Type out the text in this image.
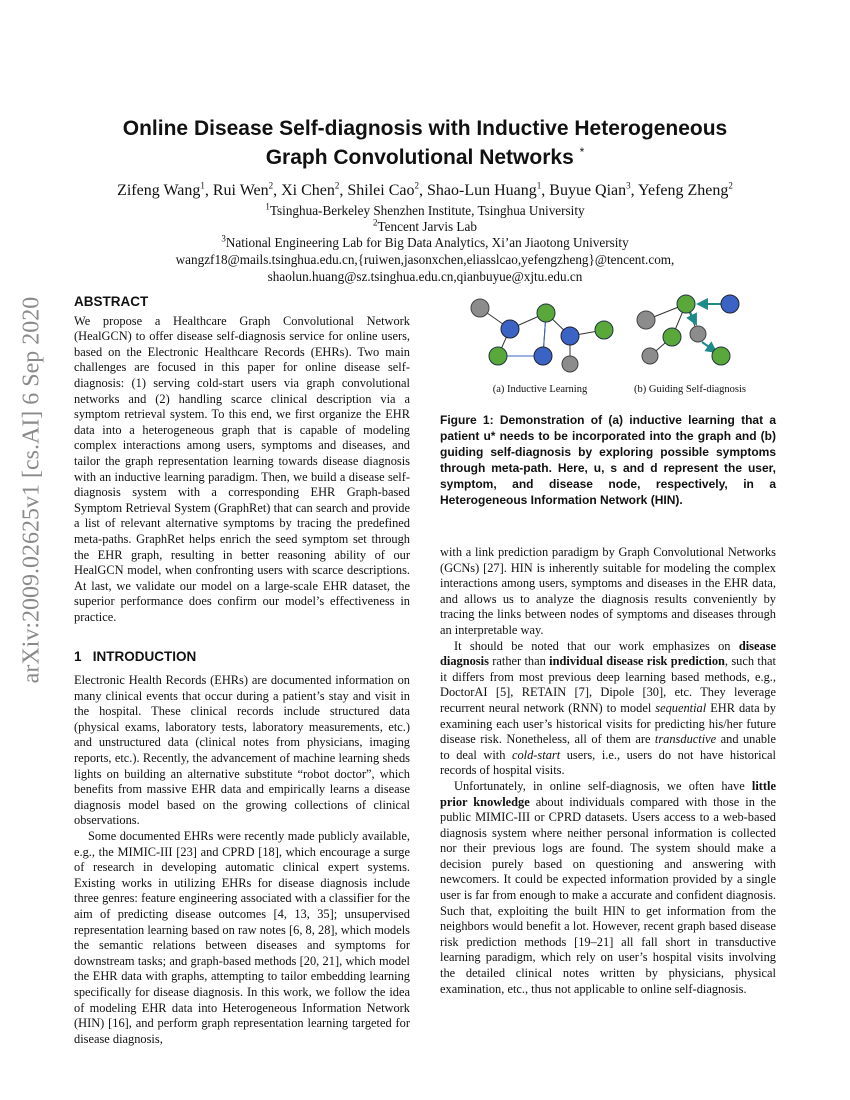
arXiv:2009.02625v1 [cs.AI] 6 Sep 2020
Online Disease Self-diagnosis with Inductive Heterogeneous
Graph Convolutional Networks *
Zifeng Wang$^1$, Rui Wen$^2$, Xi Chen$^2$, Shilei Cao$^2$, Shao-Lun Huang$^1$, Buyue Qian$^3$, Yefeng Zheng$^2$
$^1$Tsinghua-Berkeley Shenzhen Institute, Tsinghua University
$^2$Tencent Jarvis Lab
$^3$National Engineering Lab for Big Data Analytics, Xi’an Jiaotong University
wangzf18@mails.tsinghua.edu.cn,{ruiwen,jasonxchen,eliasslcao,yefengzheng}@tencent.com,
shaolun.huang@sz.tsinghua.edu.cn,qianbuyue@xjtu.edu.cn
ABSTRACT

We propose a Healthcare Graph Convolutional Network (HealGCN) to offer disease self-diagnosis service for online users, based on the Electronic Healthcare Records (EHRs). Two main challenges are focused in this paper for online disease self-diagnosis: (1) serving cold-start users via graph convolutional networks and (2) handling scarce clinical description via a symptom retrieval system. To this end, we first organize the EHR data into a heterogeneous graph that is capable of modeling complex interactions among users, symptoms and diseases, and tailor the graph representation learning towards disease diagnosis with an inductive learning paradigm. Then, we build a disease self-diagnosis system with a corresponding EHR Graph-based Symptom Retrieval System (GraphRet) that can search and provide a list of relevant alternative symptoms by tracing the predefined meta-paths. GraphRet helps enrich the seed symptom set through the EHR graph, resulting in better reasoning ability of our HealGCN model, when confronting users with scarce descriptions. At last, we validate our model on a large-scale EHR dataset, the superior performance does confirm our model’s effectiveness in practice.

1 INTRODUCTION

Electronic Health Records (EHRs) are documented information on many clinical events that occur during a patient’s stay and visit in the hospital. These clinical records include structured data (physical exams, laboratory tests, laboratory measurements, etc.) and unstructured data (clinical notes from physicians, imaging reports, etc.). Recently, the advancement of machine learning sheds lights on building an alternative substitute “robot doctor”, which benefits from massive EHR data and empirically learns a disease diagnosis model based on the growing collections of clinical observations.

Some documented EHRs were recently made publicly available, e.g., the MIMIC-III [23] and CPRD [18], which encourage a surge of research in developing automatic clinical expert systems. Existing works in utilizing EHRs for disease diagnosis include three genres: feature engineering associated with a classifier for the aim of predicting disease outcomes [4, 13, 35]; unsupervised representation learning based on raw notes [6, 8, 28], which models the semantic relations between diseases and symptoms for downstream tasks; and graph-based methods [20, 21], which model the EHR data with graphs, attempting to tailor embedding learning specifically for disease diagnosis. In this work, we follow the idea of modeling EHR data into Heterogeneous Information Network (HIN) [16], and perform graph representation learning targeted for disease diagnosis,

(a) Inductive Learning	(b) Guiding Self-diagnosis
Figure 1: Demonstration of (a) inductive learning that a patient u* needs to be incorporated into the graph and (b) guiding self-diagnosis by exploring possible symptoms through meta-path. Here, u, s and d represent the user, symptom, and disease node, respectively, in a Heterogeneous Information Network (HIN).

with a link prediction paradigm by Graph Convolutional Networks (GCNs) [27]. HIN is inherently suitable for modeling the complex interactions among users, symptoms and diseases in the EHR data, and allows us to analyze the diagnosis results conveniently by tracing the links between nodes of symptoms and diseases through an interpretable way.

It should be noted that our work emphasizes on disease diagnosis rather than individual disease risk prediction, such that it differs from most previous deep learning based methods, e.g., DoctorAI [5], RETAIN [7], Dipole [30], etc. They leverage recurrent neural network (RNN) to model sequential EHR data by examining each user’s historical visits for predicting his/her future disease risk. Nonetheless, all of them are transductive and unable to deal with cold-start users, i.e., users do not have historical records of hospital visits.

Unfortunately, in online self-diagnosis, we often have little prior knowledge about individuals compared with those in the public MIMIC-III or CPRD datasets. Users access to a web-based diagnosis system where neither personal information is collected nor their previous logs are found. The system should make a decision purely based on questioning and answering with newcomers. It could be expected information provided by a single user is far from enough to make a accurate and confident diagnosis. Such that, exploiting the built HIN to get information from the neighbors would benefit a lot. However, recent graph based disease risk prediction methods [19–21] all fall short in transductive learning paradigm, which rely on user’s hospital visits involving the detailed clinical notes written by physicians, physical examination, etc., thus not applicable to online self-diagnosis.
